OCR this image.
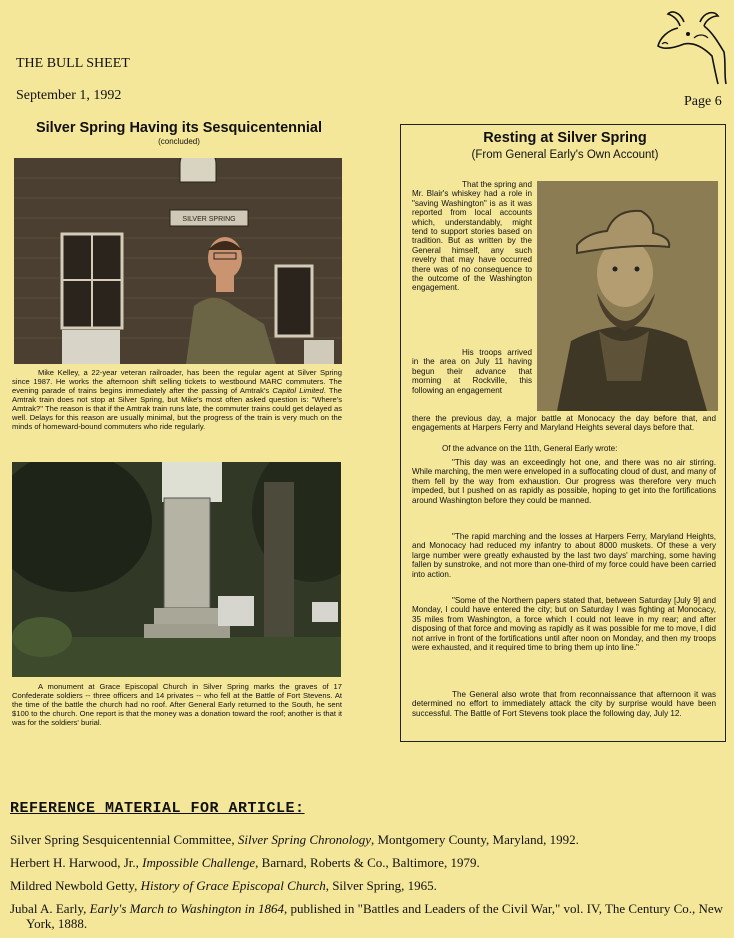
THE BULL SHEET
September 1, 1992	Page 6
Silver Spring Having its Sesquicentennial
(concluded)
SILVER SPRING
Mike Kelley, a 22-year veteran railroader, has been the regular agent at Silver Spring since 1987. He works the afternoon shift selling tickets to westbound MARC commuters. The evening parade of trains begins immediately after the passing of Amtrak's Capitol Limited. The Amtrak train does not stop at Silver Spring, but Mike's most often asked question is: "Where's Amtrak?" The reason is that if the Amtrak train runs late, the commuter trains could get delayed as well. Delays for this reason are usually minimal, but the progress of the train is very much on the minds of homeward-bound commuters who ride regularly.
A monument at Grace Episcopal Church in Silver Spring marks the graves of 17 Confederate soldiers -- three officers and 14 privates -- who fell at the Battle of Fort Stevens. At the time of the battle the church had no roof. After General Early returned to the South, he sent $100 to the church. One report is that the money was a donation toward the roof; another is that it was for the soldiers' burial.
Resting at Silver Spring
(From General Early's Own Account)
That the spring and Mr. Blair's whiskey had a role in "saving Washington" is as it was reported from local accounts which, understandably, might tend to support stories based on tradition. But as written by the General himself, any such revelry that may have occurred there was of no consequence to the outcome of the Washington engagement.
His troops arrived in the area on July 11 having begun their advance that morning at Rockville, this following an engagement
there the previous day, a major battle at Monocacy the day before that, and engagements at Harpers Ferry and Maryland Heights several days before that.
Of the advance on the 11th, General Early wrote:
"This day was an exceedingly hot one, and there was no air stirring. While marching, the men were enveloped in a suffocating cloud of dust, and many of them fell by the way from exhaustion. Our progress was therefore very much impeded, but I pushed on as rapidly as possible, hoping to get into the fortifications around Washington before they could be manned.
"The rapid marching and the losses at Harpers Ferry, Maryland Heights, and Monocacy had reduced my infantry to about 8000 muskets. Of these a very large number were greatly exhausted by the last two days' marching, some having fallen by sunstroke, and not more than one-third of my force could have been carried into action.
"Some of the Northern papers stated that, between Saturday [July 9] and Monday, I could have entered the city; but on Saturday I was fighting at Monocacy, 35 miles from Washington, a force which I could not leave in my rear; and after disposing of that force and moving as rapidly as it was possible for me to move, I did not arrive in front of the fortifications until after noon on Monday, and then my troops were exhausted, and it required time to bring them up into line."
The General also wrote that from reconnaissance that afternoon it was determined no effort to immediately attack the city by surprise would have been successful. The Battle of Fort Stevens took place the following day, July 12.
REFERENCE MATERIAL FOR ARTICLE:
Silver Spring Sesquicentennial Committee, Silver Spring Chronology, Montgomery County, Maryland, 1992.
Herbert H. Harwood, Jr., Impossible Challenge, Barnard, Roberts & Co., Baltimore, 1979.
Mildred Newbold Getty, History of Grace Episcopal Church, Silver Spring, 1965.
Jubal A. Early, Early's March to Washington in 1864, published in "Battles and Leaders of the Civil War," vol. IV, The Century Co., New York, 1888.
